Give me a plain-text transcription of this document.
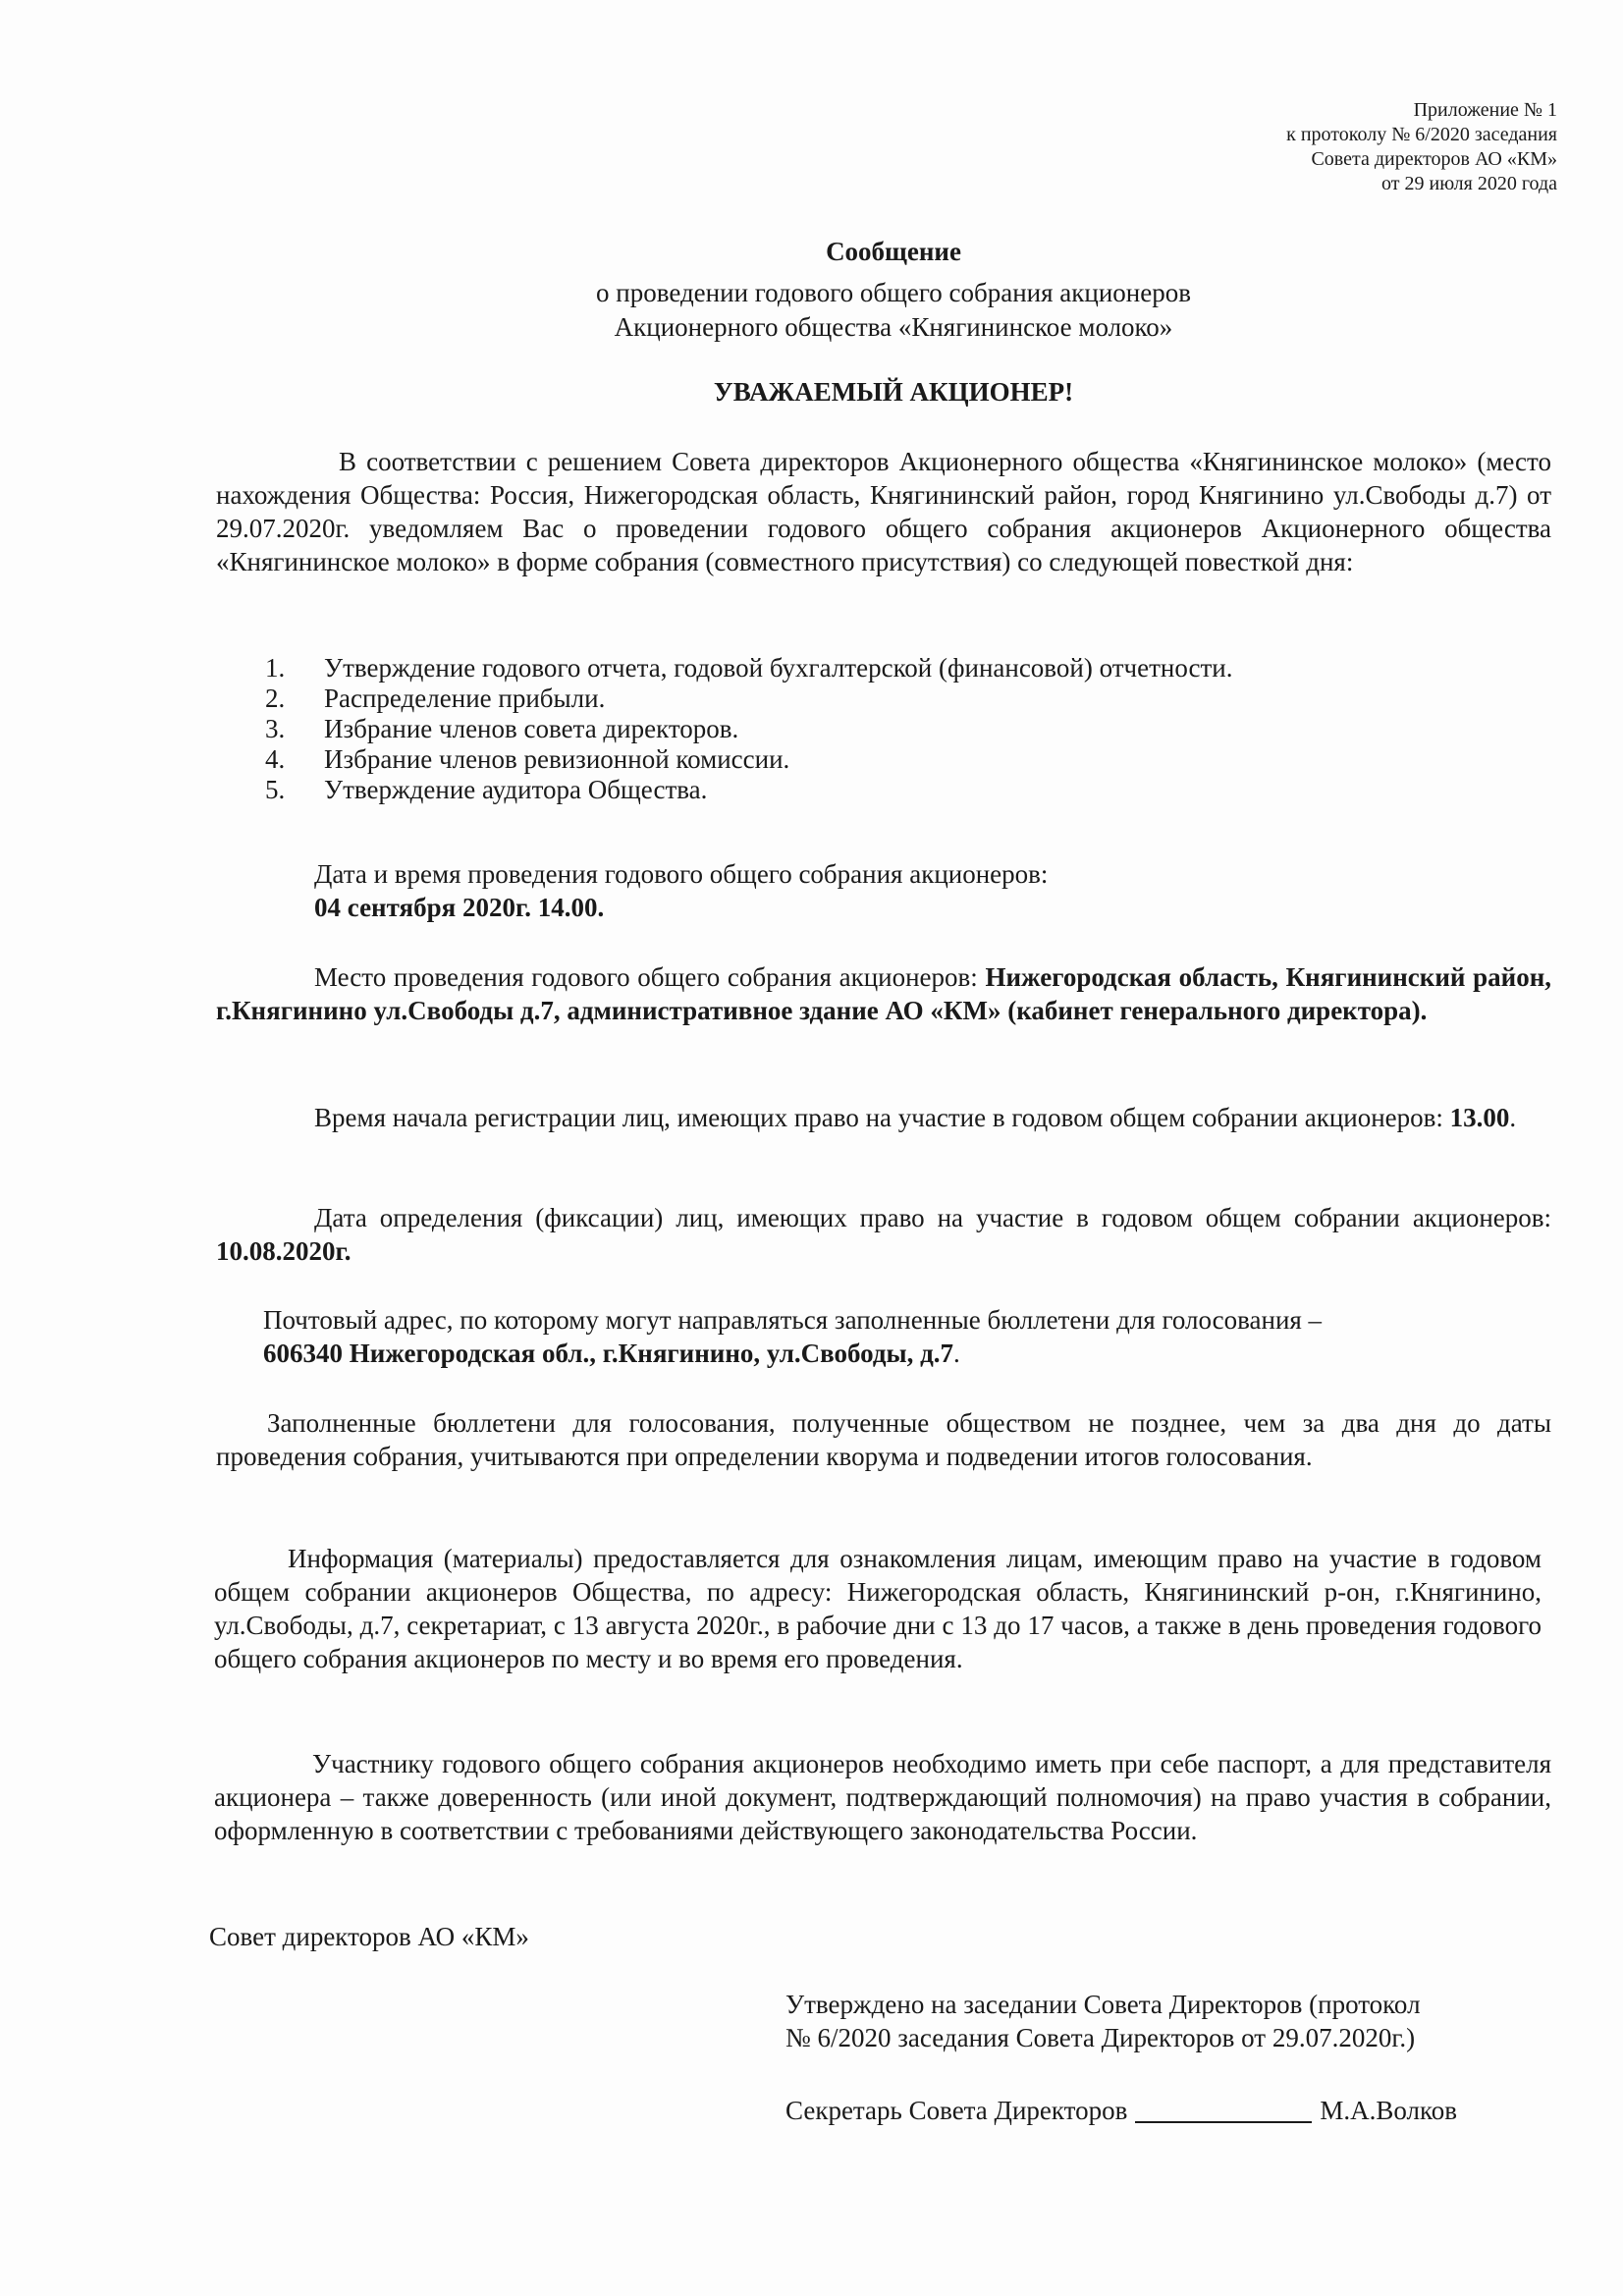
Приложение № 1
к протоколу № 6/2020 заседания
Совета директоров АО «КМ»
от 29 июля 2020 года
Сообщение
о проведении годового общего собрания акционеров
Акционерного общества «Княгининское молоко»
УВАЖАЕМЫЙ АКЦИОНЕР!
В соответствии с решением Совета директоров Акционерного общества «Княгининское молоко» (место нахождения Общества: Россия, Нижегородская область, Княгининский район, город Княгинино ул.Свободы д.7) от 29.07.2020г. уведомляем Вас о проведении годового общего собрания акционеров Акционерного общества «Княгининское молоко» в форме собрания (совместного присутствия) со следующей повесткой дня:
1.	Утверждение годового отчета, годовой бухгалтерской (финансовой) отчетности.
2.	Распределение прибыли.
3.	Избрание членов совета директоров.
4.	Избрание членов ревизионной комиссии.
5.	Утверждение аудитора Общества.
Дата и время проведения годового общего собрания акционеров:
04 сентября 2020г. 14.00.
Место проведения годового общего собрания акционеров: Нижегородская область, Княгининский район, г.Княгинино ул.Свободы д.7, административное здание АО «КМ» (кабинет генерального директора).
Время начала регистрации лиц, имеющих право на участие в годовом общем собрании акционеров: 13.00.
Дата определения (фиксации) лиц, имеющих право на участие в годовом общем собрании акционеров: 10.08.2020г.
Почтовый адрес, по которому могут направляться заполненные бюллетени для голосования –
606340 Нижегородская обл., г.Княгинино, ул.Свободы, д.7.
Заполненные бюллетени для голосования, полученные обществом не позднее, чем за два дня до даты проведения собрания, учитываются при определении кворума и подведении итогов голосования.
Информация (материалы) предоставляется для ознакомления лицам, имеющим право на участие в годовом общем собрании акционеров Общества, по адресу: Нижегородская область, Княгининский р-он, г.Княгинино, ул.Свободы, д.7, секретариат, с 13 августа 2020г., в рабочие дни с 13 до 17 часов, а также в день проведения годового общего собрания акционеров по месту и во время его проведения.
Участнику годового общего собрания акционеров необходимо иметь при себе паспорт, а для представителя акционера – также доверенность (или иной документ, подтверждающий полномочия) на право участия в собрании, оформленную в соответствии с требованиями действующего законодательства России.
Совет директоров АО «КМ»
Утверждено на заседании Совета Директоров (протокол
№ 6/2020 заседания Совета Директоров от 29.07.2020г.)
Секретарь Совета Директоров	М.А.Волков
